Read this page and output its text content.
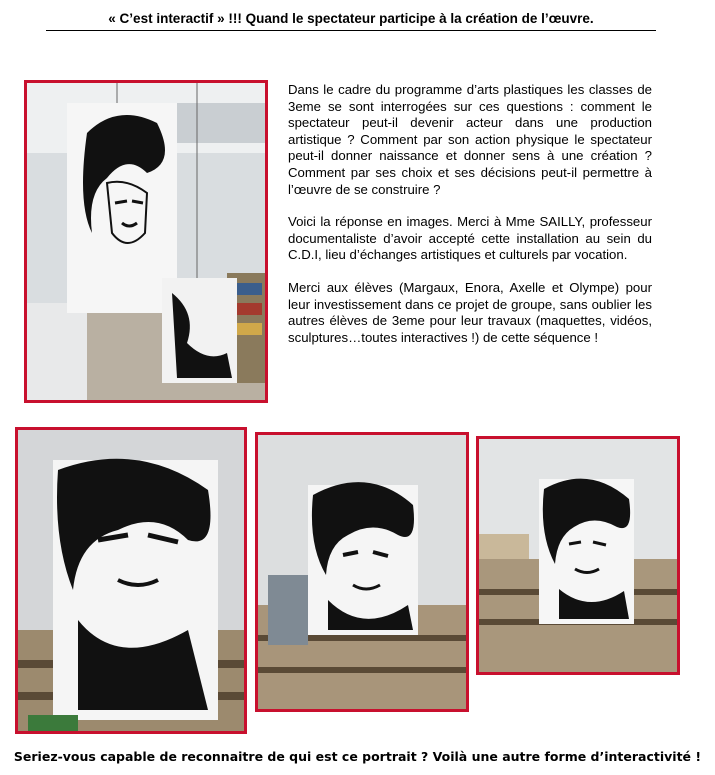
« C’est interactif » !!! Quand le spectateur participe à la création de l’œuvre.

Dans le cadre du programme d’arts plastiques les classes de 3eme se sont interrogées sur ces questions : comment le spectateur peut-il devenir acteur dans une production artistique ? Comment par son action physique le spectateur peut-il donner naissance et donner sens à une création ? Comment par ses choix et ses décisions peut-il permettre à l’œuvre de se construire ?

Voici la réponse en images. Merci à Mme SAILLY, professeur documentaliste d’avoir accepté cette installation au sein du C.D.I, lieu d’échanges artistiques et culturels par vocation.

Merci aux élèves (Margaux, Enora, Axelle et Olympe) pour leur investissement dans ce projet de groupe, sans oublier les autres élèves de 3eme pour leur travaux (maquettes, vidéos, sculptures…toutes interactives !) de cette séquence !

Seriez-vous capable de reconnaitre de qui est ce portrait ? Voilà une autre forme d’interactivité !
